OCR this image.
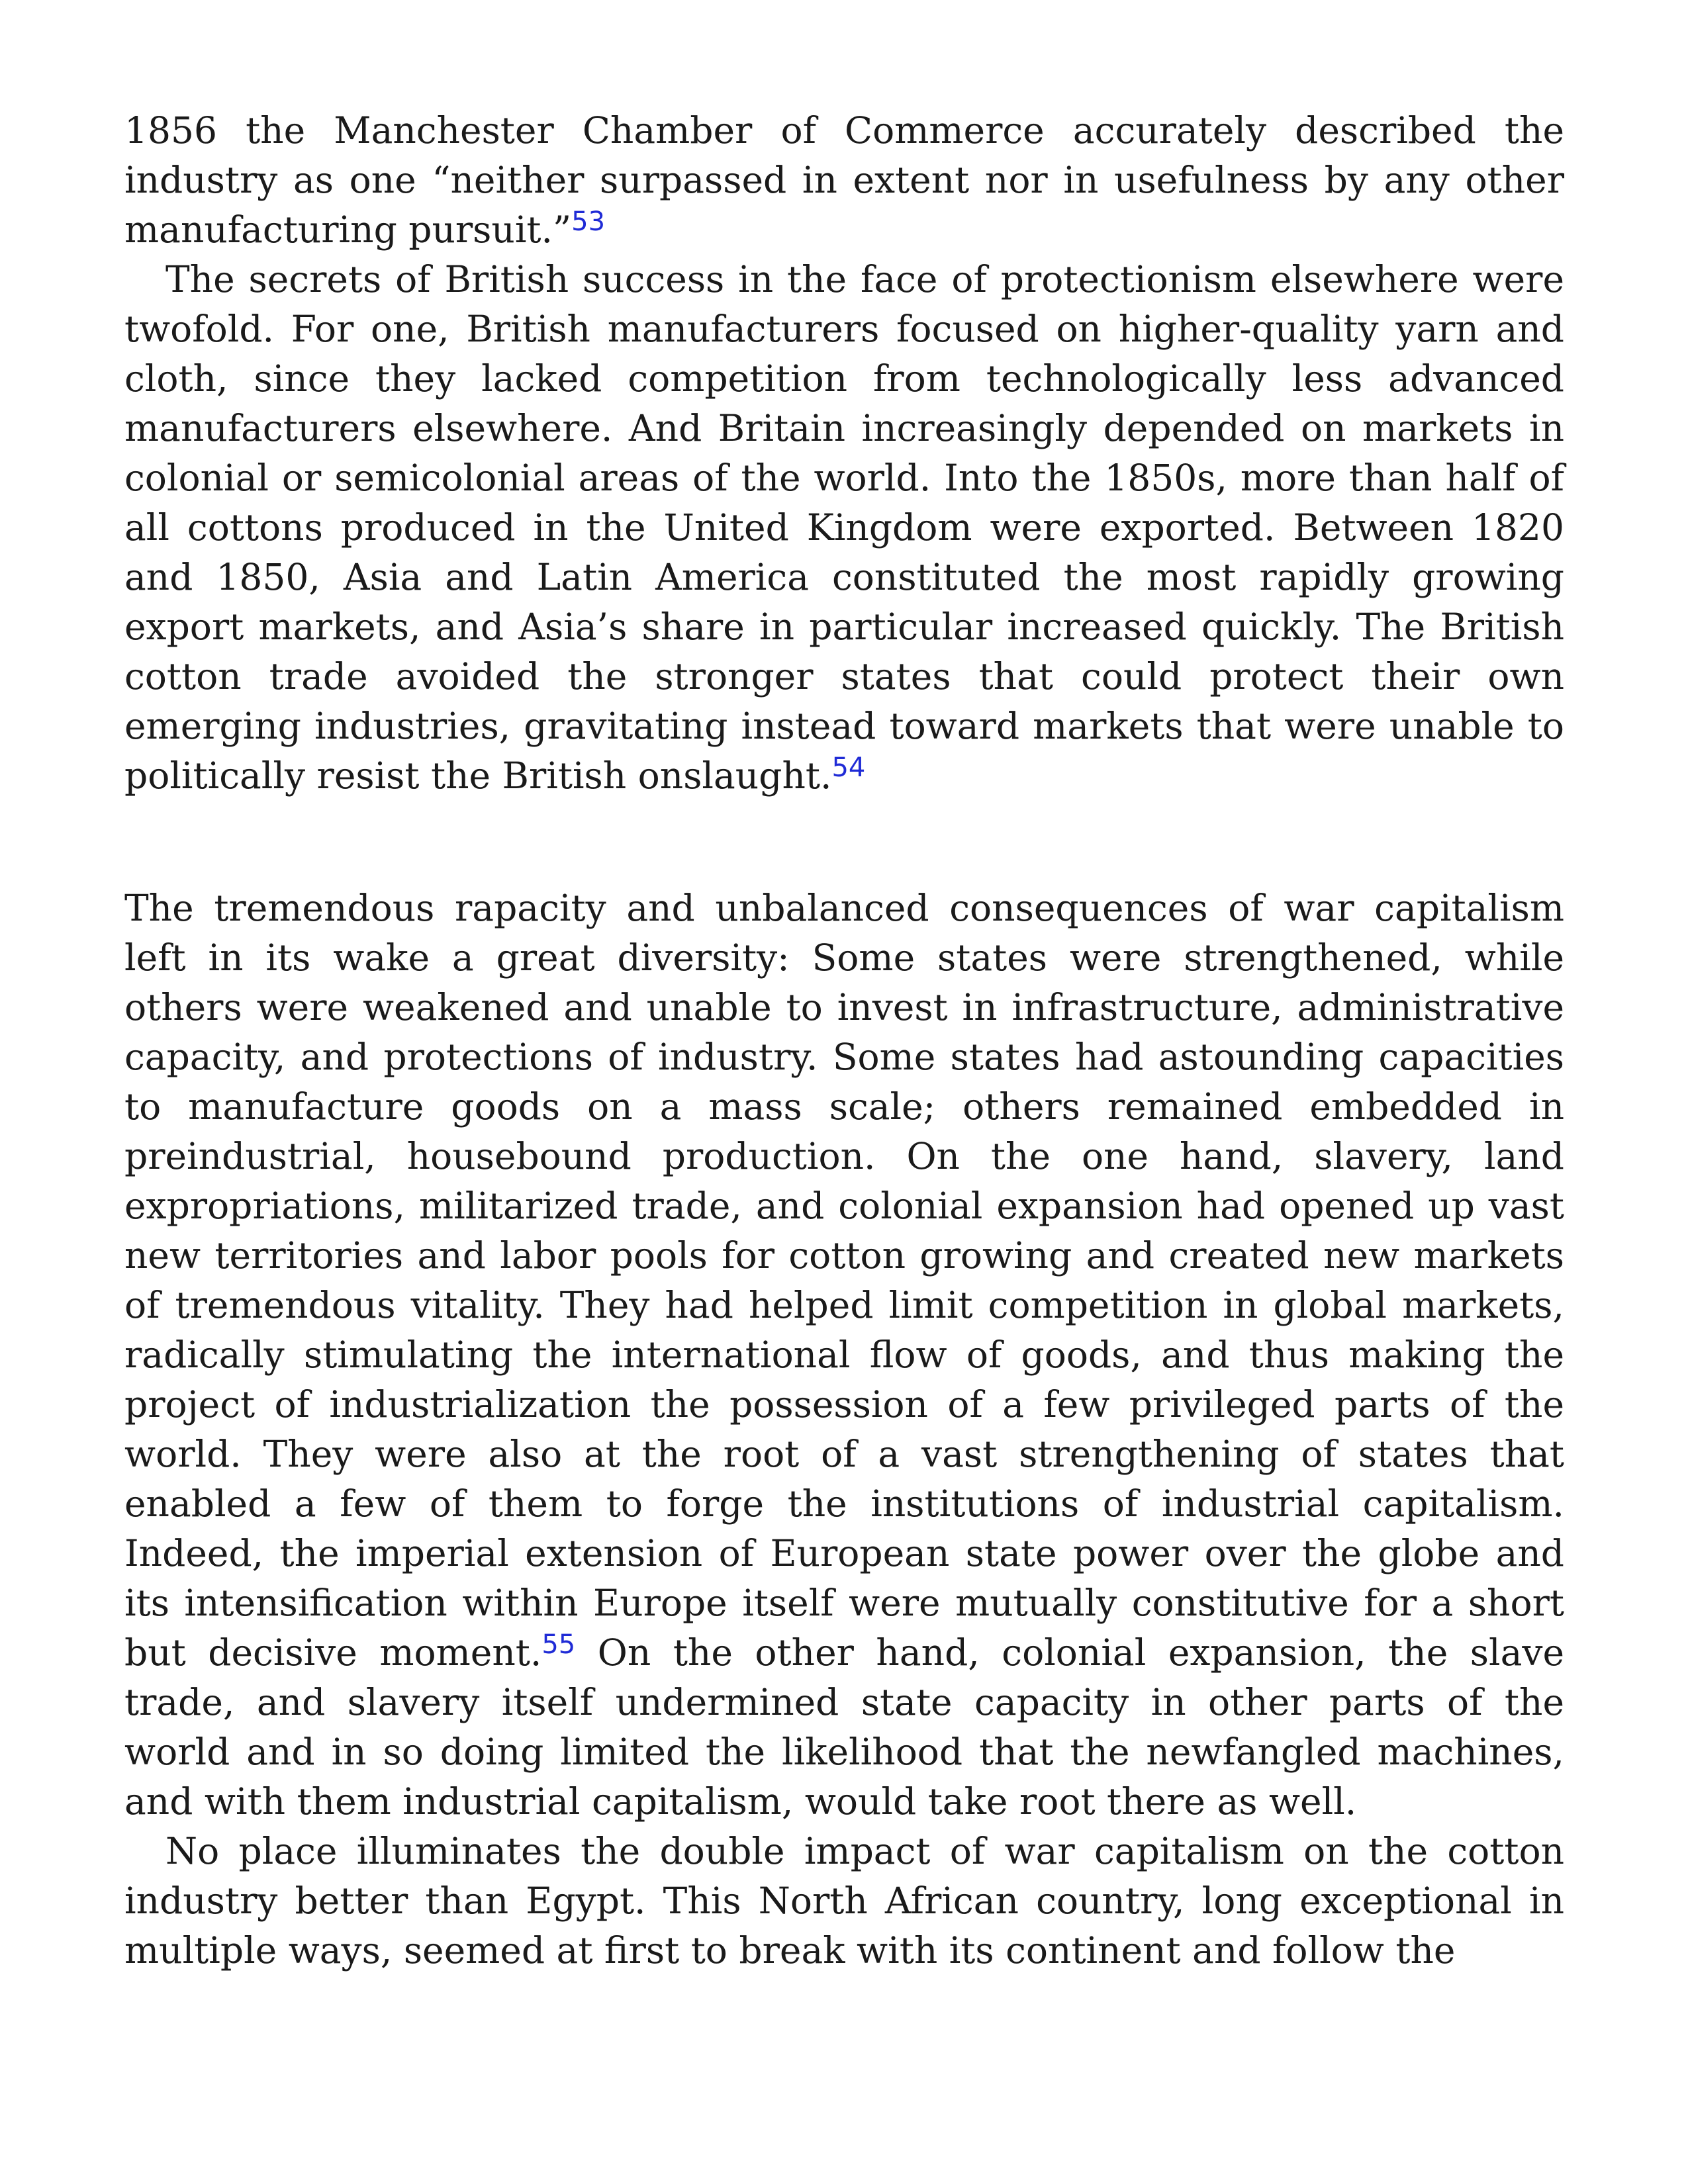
1856 the Manchester Chamber of Commerce accurately described the industry as one “neither surpassed in extent nor in usefulness by any other manufacturing pursuit.”$^{53}$

The secrets of British success in the face of protectionism elsewhere were twofold. For one, British manufacturers focused on higher-quality yarn and cloth, since they lacked competition from technologically less advanced manufacturers elsewhere. And Britain increasingly depended on markets in colonial or semicolonial areas of the world. Into the 1850s, more than half of all cottons produced in the United Kingdom were exported. Between 1820 and 1850, Asia and Latin America constituted the most rapidly growing export markets, and Asia’s share in particular increased quickly. The British cotton trade avoided the stronger states that could protect their own emerging industries, gravitating instead toward markets that were unable to politically resist the British onslaught.$^{54}$

The tremendous rapacity and unbalanced consequences of war capitalism left in its wake a great diversity: Some states were strengthened, while others were weakened and unable to invest in infrastructure, administrative capacity, and protections of industry. Some states had astounding capacities to manufacture goods on a mass scale; others remained embedded in preindustrial, housebound production. On the one hand, slavery, land expropriations, militarized trade, and colonial expansion had opened up vast new territories and labor pools for cotton growing and created new markets of tremendous vitality. They had helped limit competition in global markets, radically stimulating the international flow of goods, and thus making the project of industrialization the possession of a few privileged parts of the world. They were also at the root of a vast strengthening of states that enabled a few of them to forge the institutions of industrial capitalism. Indeed, the imperial extension of European state power over the globe and its intensification within Europe itself were mutually constitutive for a short but decisive moment.$^{55}$ On the other hand, colonial expansion, the slave trade, and slavery itself undermined state capacity in other parts of the world and in so doing limited the likelihood that the newfangled machines, and with them industrial capitalism, would take root there as well.

No place illuminates the double impact of war capitalism on the cotton industry better than Egypt. This North African country, long exceptional in multiple ways, seemed at first to break with its continent and follow the
